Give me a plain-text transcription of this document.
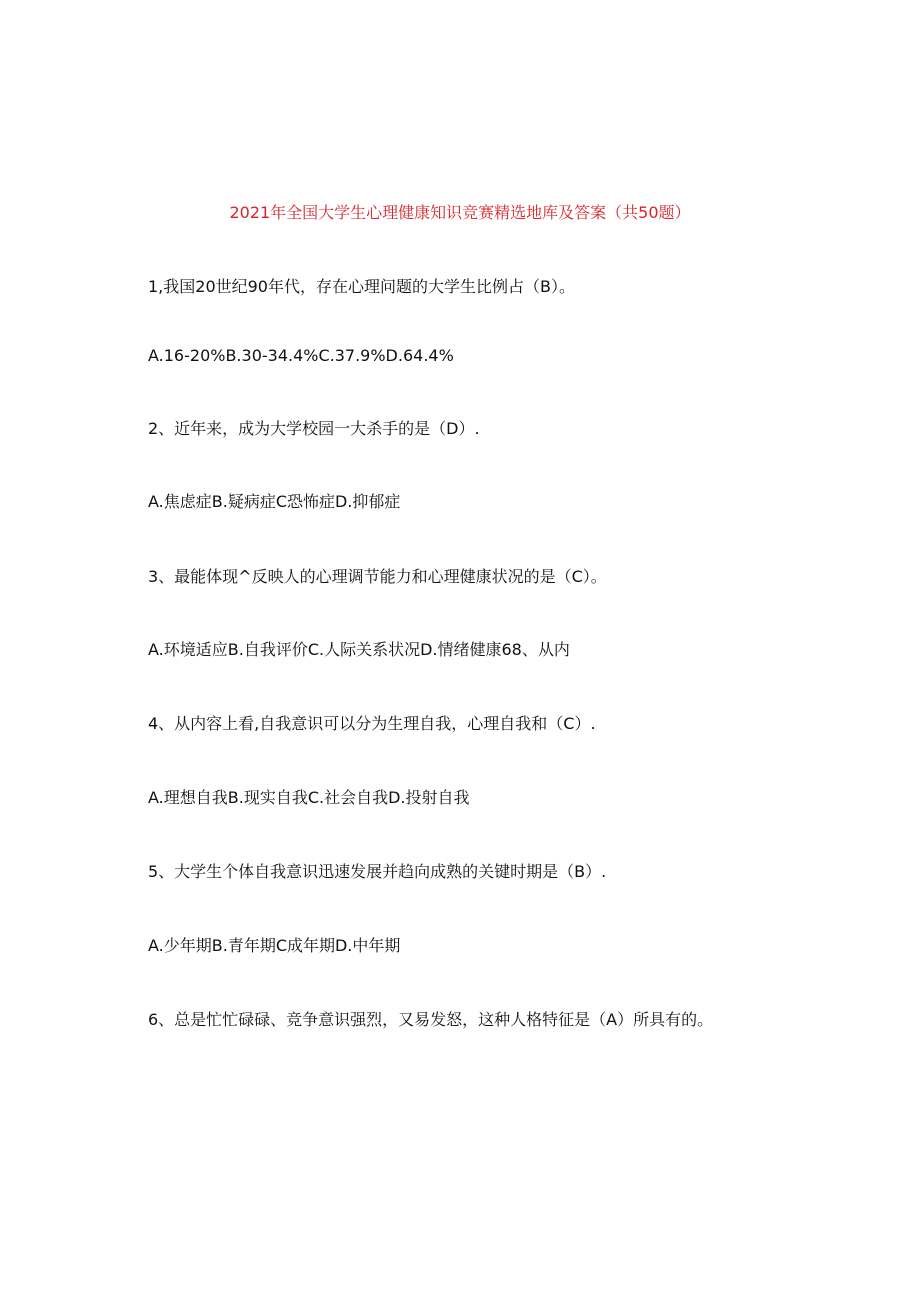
2021年全国大学生心理健康知识竞赛精选地库及答案（共50题）
1,我国20世纪90年代，存在心理问题的大学生比例占（B）。
A.16-20%B.30-34.4%C.37.9%D.64.4%
2、近年来，成为大学校园一大杀手的是（D）.
A.焦虑症B.疑病症C恐怖症D.抑郁症
3、最能体现^反映人的心理调节能力和心理健康状况的是（C）。
A.环境适应B.自我评价C.人际关系状况D.情绪健康68、从内
4、从内容上看,自我意识可以分为生理自我，心理自我和（C）.
A.理想自我B.现实自我C.社会自我D.投射自我
5、大学生个体自我意识迅速发展并趋向成熟的关键时期是（B）.
A.少年期B.青年期C成年期D.中年期
6、总是忙忙碌碌、竞争意识强烈，又易发怒，这种人格特征是（A）所具有的。
